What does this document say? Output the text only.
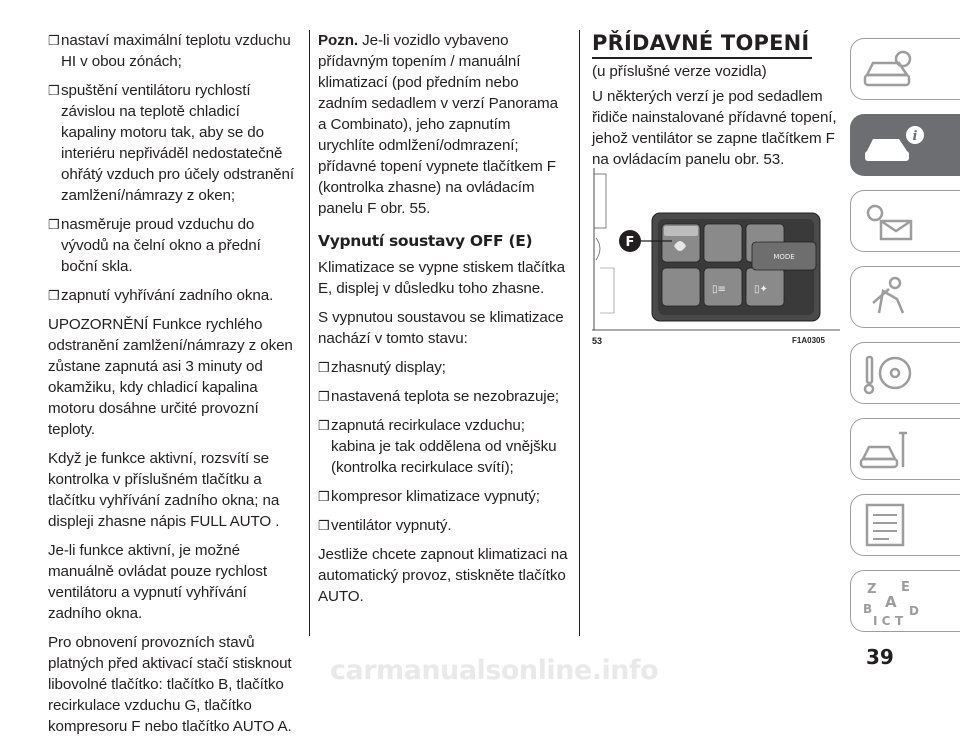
❒ nastaví maximální teplotu vzduchu HI v obou zónách;
❒ spuštění ventilátoru rychlostí závislou na teplotě chladicí kapaliny motoru tak, aby se do interiéru nepřiváděl nedostatečně ohřátý vzduch pro účely odstranění zamlžení/námrazy z oken;
❒ nasměruje proud vzduchu do vývodů na čelní okno a přední boční skla.
❒ zapnutí vyhřívání zadního okna.

UPOZORNĚNÍ Funkce rychlého odstranění zamlžení/námrazy z oken zůstane zapnutá asi 3 minuty od okamžiku, kdy chladicí kapalina motoru dosáhne určité provozní teploty.

Když je funkce aktivní, rozsvítí se kontrolka v příslušném tlačítku a tlačítku vyhřívání zadního okna; na displeji zhasne nápis FULL AUTO .

Je-li funkce aktivní, je možné manuálně ovládat pouze rychlost ventilátoru a vypnutí vyhřívání zadního okna.

Pro obnovení provozních stavů platných před aktivací stačí stisknout libovolné tlačítko: tlačítko B, tlačítko recirkulace vzduchu G, tlačítko kompresoru F nebo tlačítko AUTO A.

Pozn. Je-li vozidlo vybaveno přídavným topením / manuální klimatizací (pod předním nebo zadním sedadlem v verzí Panorama a Combinato), jeho zapnutím urychlíte odmlžení/odmrazení; přídavné topení vypnete tlačítkem F (kontrolka zhasne) na ovládacím panelu F obr. 55.

Vypnutí soustavy OFF (E)

Klimatizace se vypne stiskem tlačítka E, displej v důsledku toho zhasne.

S vypnutou soustavou se klimatizace nachází v tomto stavu:

❒ zhasnutý display;
❒ nastavená teplota se nezobrazuje;
❒ zapnutá recirkulace vzduchu; kabina je tak oddělena od vnějšku (kontrolka recirkulace svítí);
❒ kompresor klimatizace vypnutý;
❒ ventilátor vypnutý.

Jestliže chcete zapnout klimatizaci na automatický provoz, stiskněte tlačítko AUTO.

PŘÍDAVNÉ TOPENÍ

(u příslušné verze vozidla)

U některých verzí je pod sedadlem řidiče nainstalované přídavné topení, jehož ventilátor se zapne tlačítkem F na ovládacím panelu obr. 53.

▯≡	▯✦
MODE
F
53	F1A0305
i
Z E
A
B	D
I C T
39
carmanualsonline.info
